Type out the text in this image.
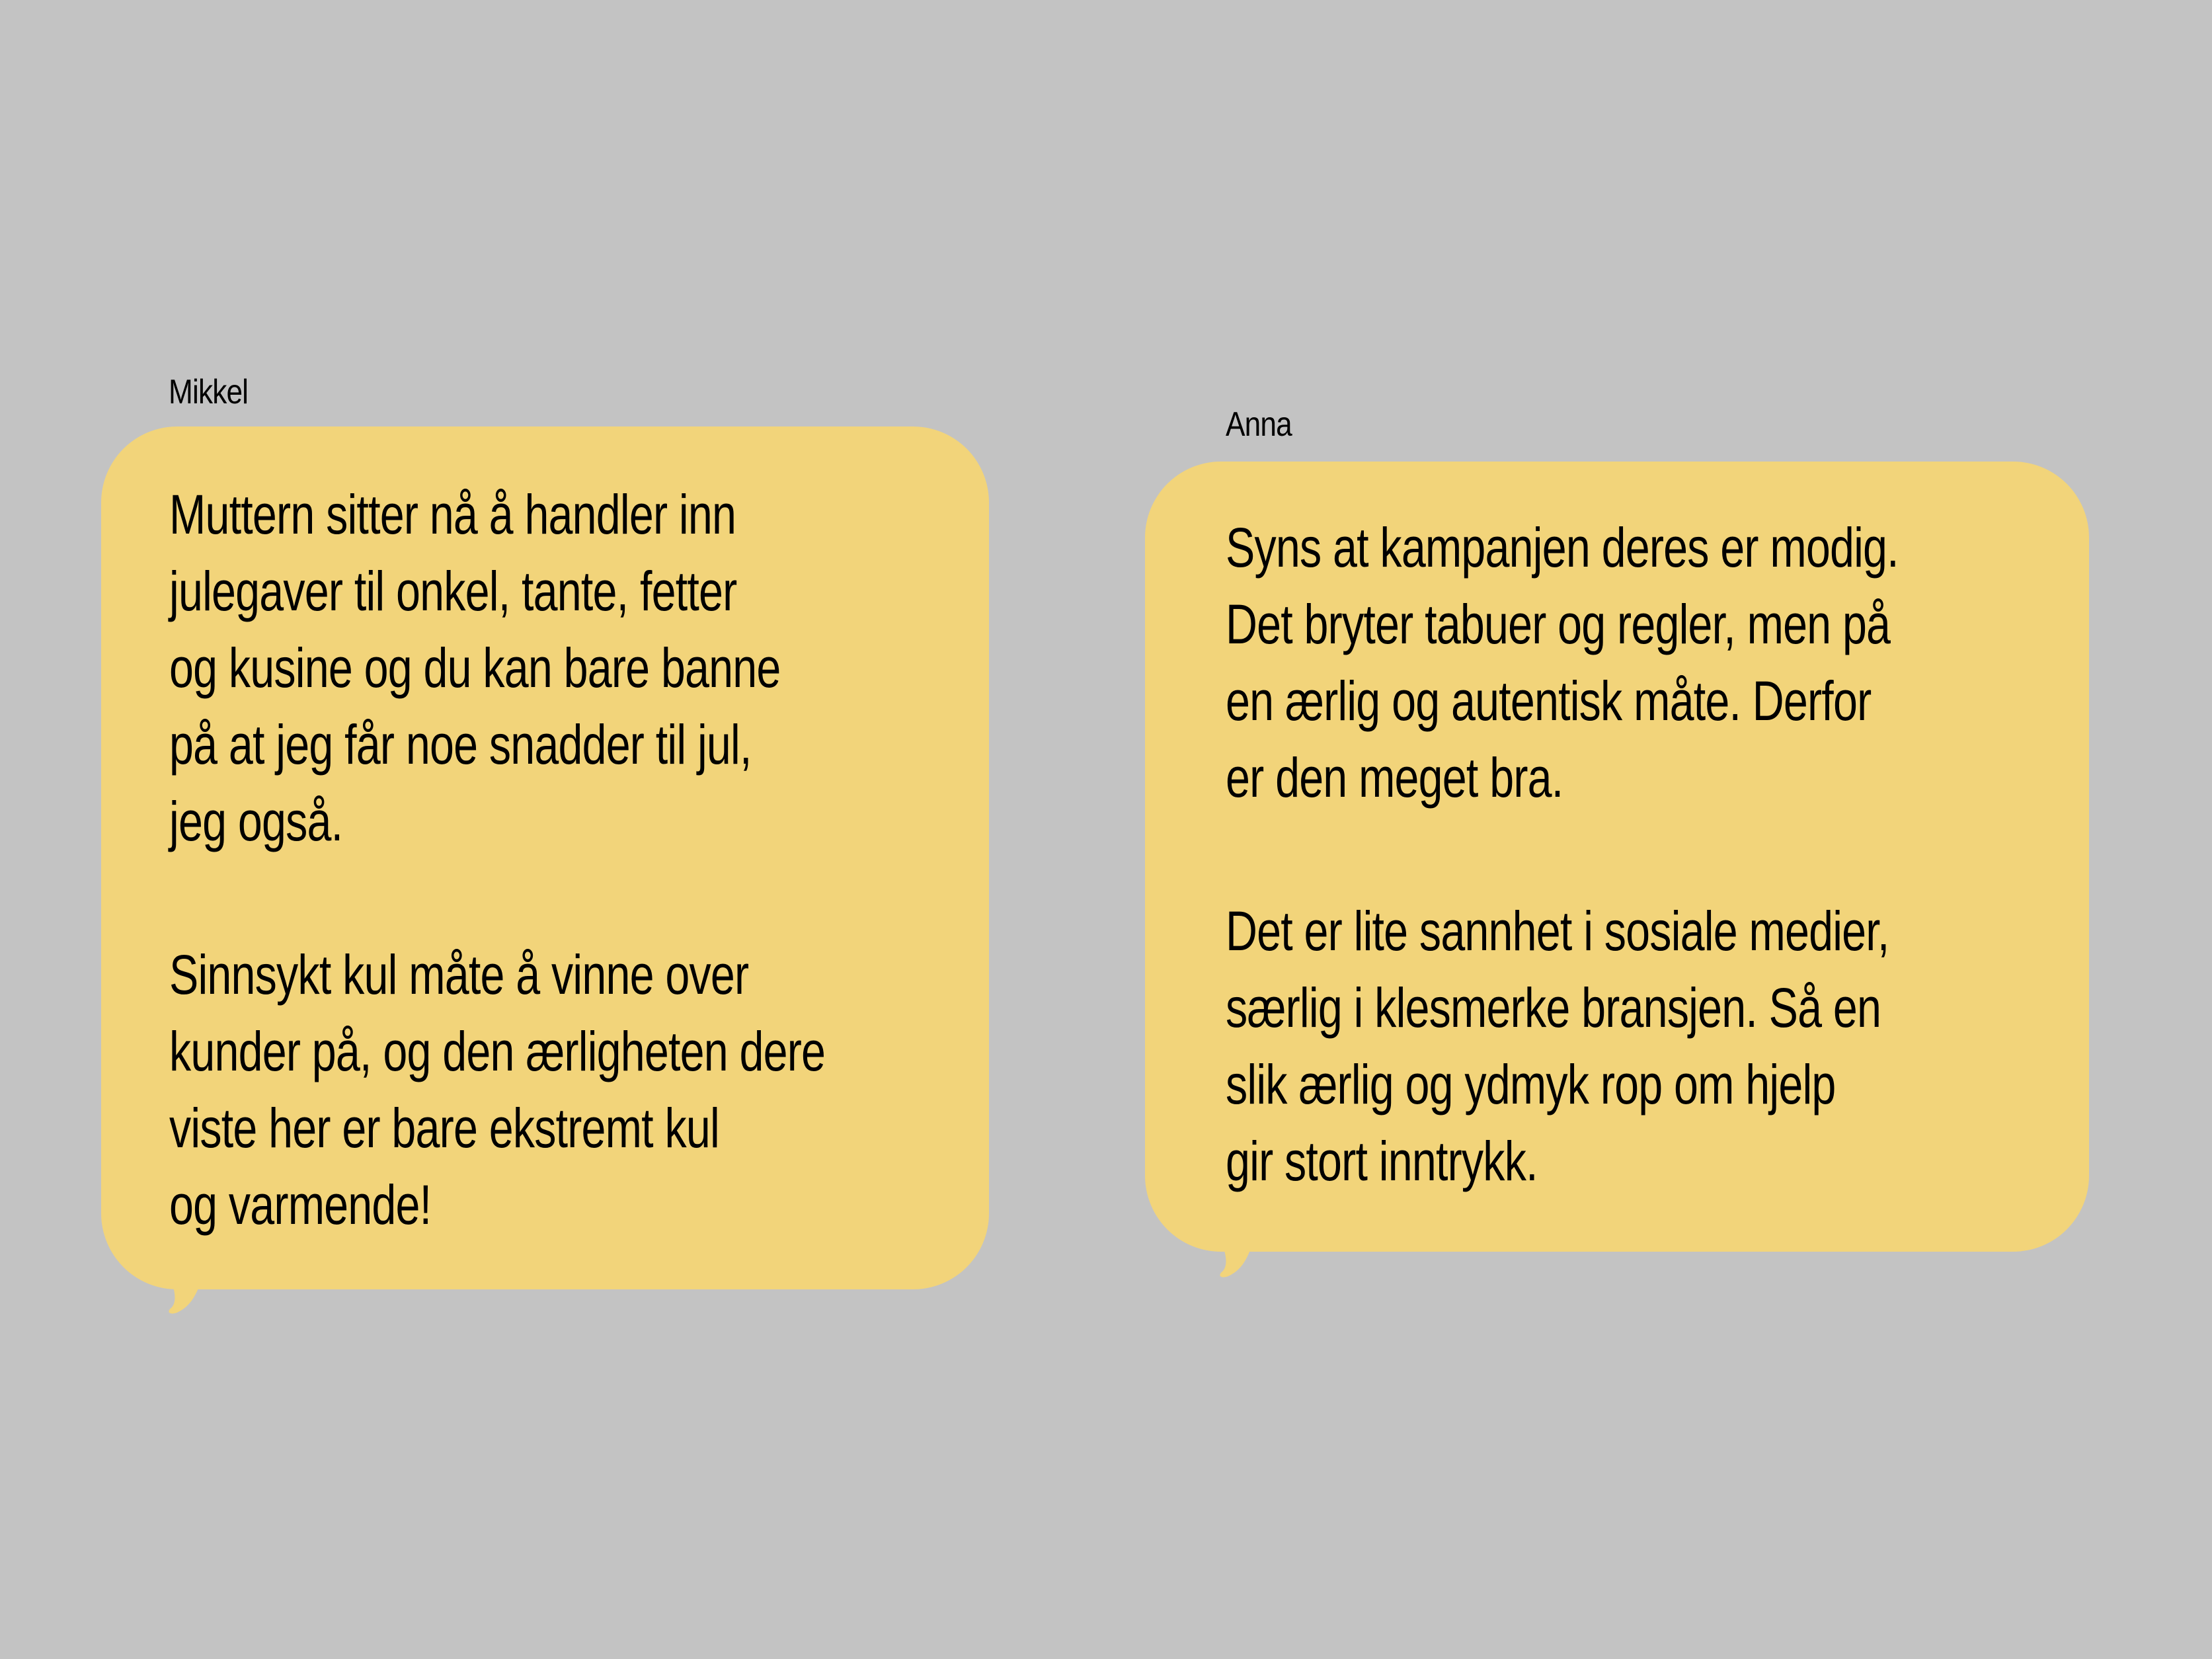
Mikkel

Muttern sitter nå å handler inn
julegaver til onkel, tante, fetter
og kusine og du kan bare banne
på at jeg får noe snadder til jul,
jeg også.

Sinnsykt kul måte å vinne over
kunder på, og den ærligheten dere
viste her er bare ekstremt kul
og varmende!

Anna

Syns at kampanjen deres er modig.
Det bryter tabuer og regler, men på
en ærlig og autentisk måte. Derfor
er den meget bra.

Det er lite sannhet i sosiale medier,
særlig i klesmerke bransjen. Så en
slik ærlig og ydmyk rop om hjelp
gir stort inntrykk.
